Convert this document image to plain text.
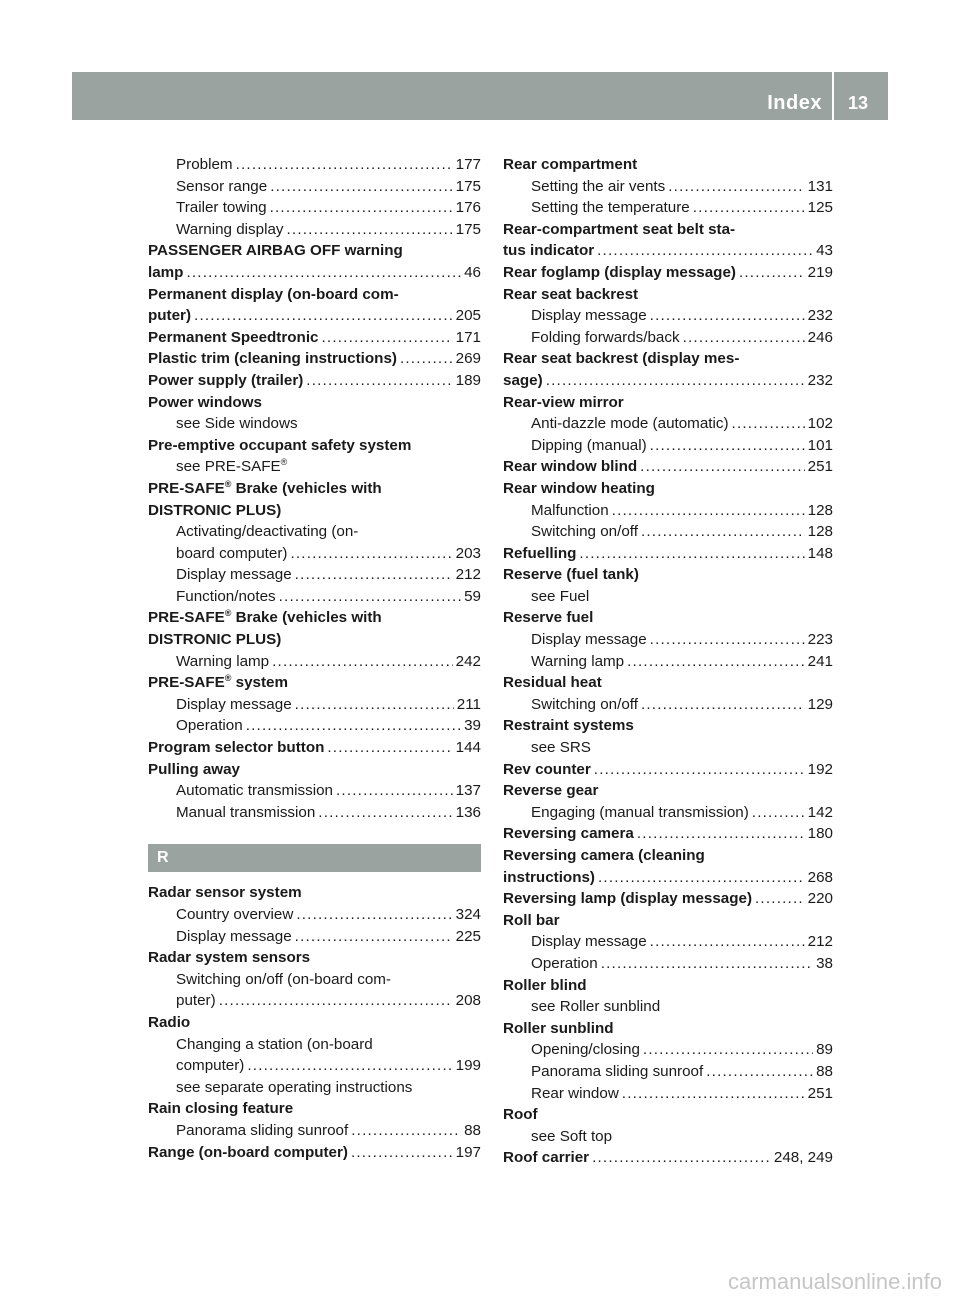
Index 13
Problem .....	177
Sensor range .....	175
Trailer towing .....	176
Warning display .....	175
PASSENGER AIRBAG OFF warning
lamp .....	46
Permanent display (on-board com-
puter) .....	205
Permanent Speedtronic .....	171
Plastic trim (cleaning instructions) .....	269
Power supply (trailer) .....	189
Power windows
see Side windows
Pre-emptive occupant safety system
see PRE-SAFE®
PRE-SAFE® Brake (vehicles with
DISTRONIC PLUS)
Activating/deactivating (on-
board computer) .....	203
Display message .....	212
Function/notes .....	59
PRE-SAFE® Brake (vehicles with
DISTRONIC PLUS)
Warning lamp .....	242
PRE-SAFE® system
Display message .....	211
Operation .....	39
Program selector button .....	144
Pulling away
Automatic transmission .....	137
Manual transmission .....	136
R
Radar sensor system
Country overview .....	324
Display message .....	225
Radar system sensors
Switching on/off (on-board com-
puter) .....	208
Radio
Changing a station (on-board
computer) .....	199
see separate operating instructions
Rain closing feature
Panorama sliding sunroof .....	88
Range (on-board computer) .....	197
Rear compartment
Setting the air vents .....	131
Setting the temperature .....	125
Rear-compartment seat belt sta-
tus indicator .....	43
Rear foglamp (display message) .....	219
Rear seat backrest
Display message .....	232
Folding forwards/back .....	246
Rear seat backrest (display mes-
sage) .....	232
Rear-view mirror
Anti-dazzle mode (automatic) .....	102
Dipping (manual) .....	101
Rear window blind .....	251
Rear window heating
Malfunction .....	128
Switching on/off .....	128
Refuelling .....	148
Reserve (fuel tank)
see Fuel
Reserve fuel
Display message .....	223
Warning lamp .....	241
Residual heat
Switching on/off .....	129
Restraint systems
see SRS
Rev counter .....	192
Reverse gear
Engaging (manual transmission) .....	142
Reversing camera .....	180
Reversing camera (cleaning
instructions) .....	268
Reversing lamp (display message) .....	220
Roll bar
Display message .....	212
Operation .....	38
Roller blind
see Roller sunblind
Roller sunblind
Opening/closing .....	89
Panorama sliding sunroof .....	88
Rear window .....	251
Roof
see Soft top
Roof carrier .....	248, 249
carmanualsonline.info
